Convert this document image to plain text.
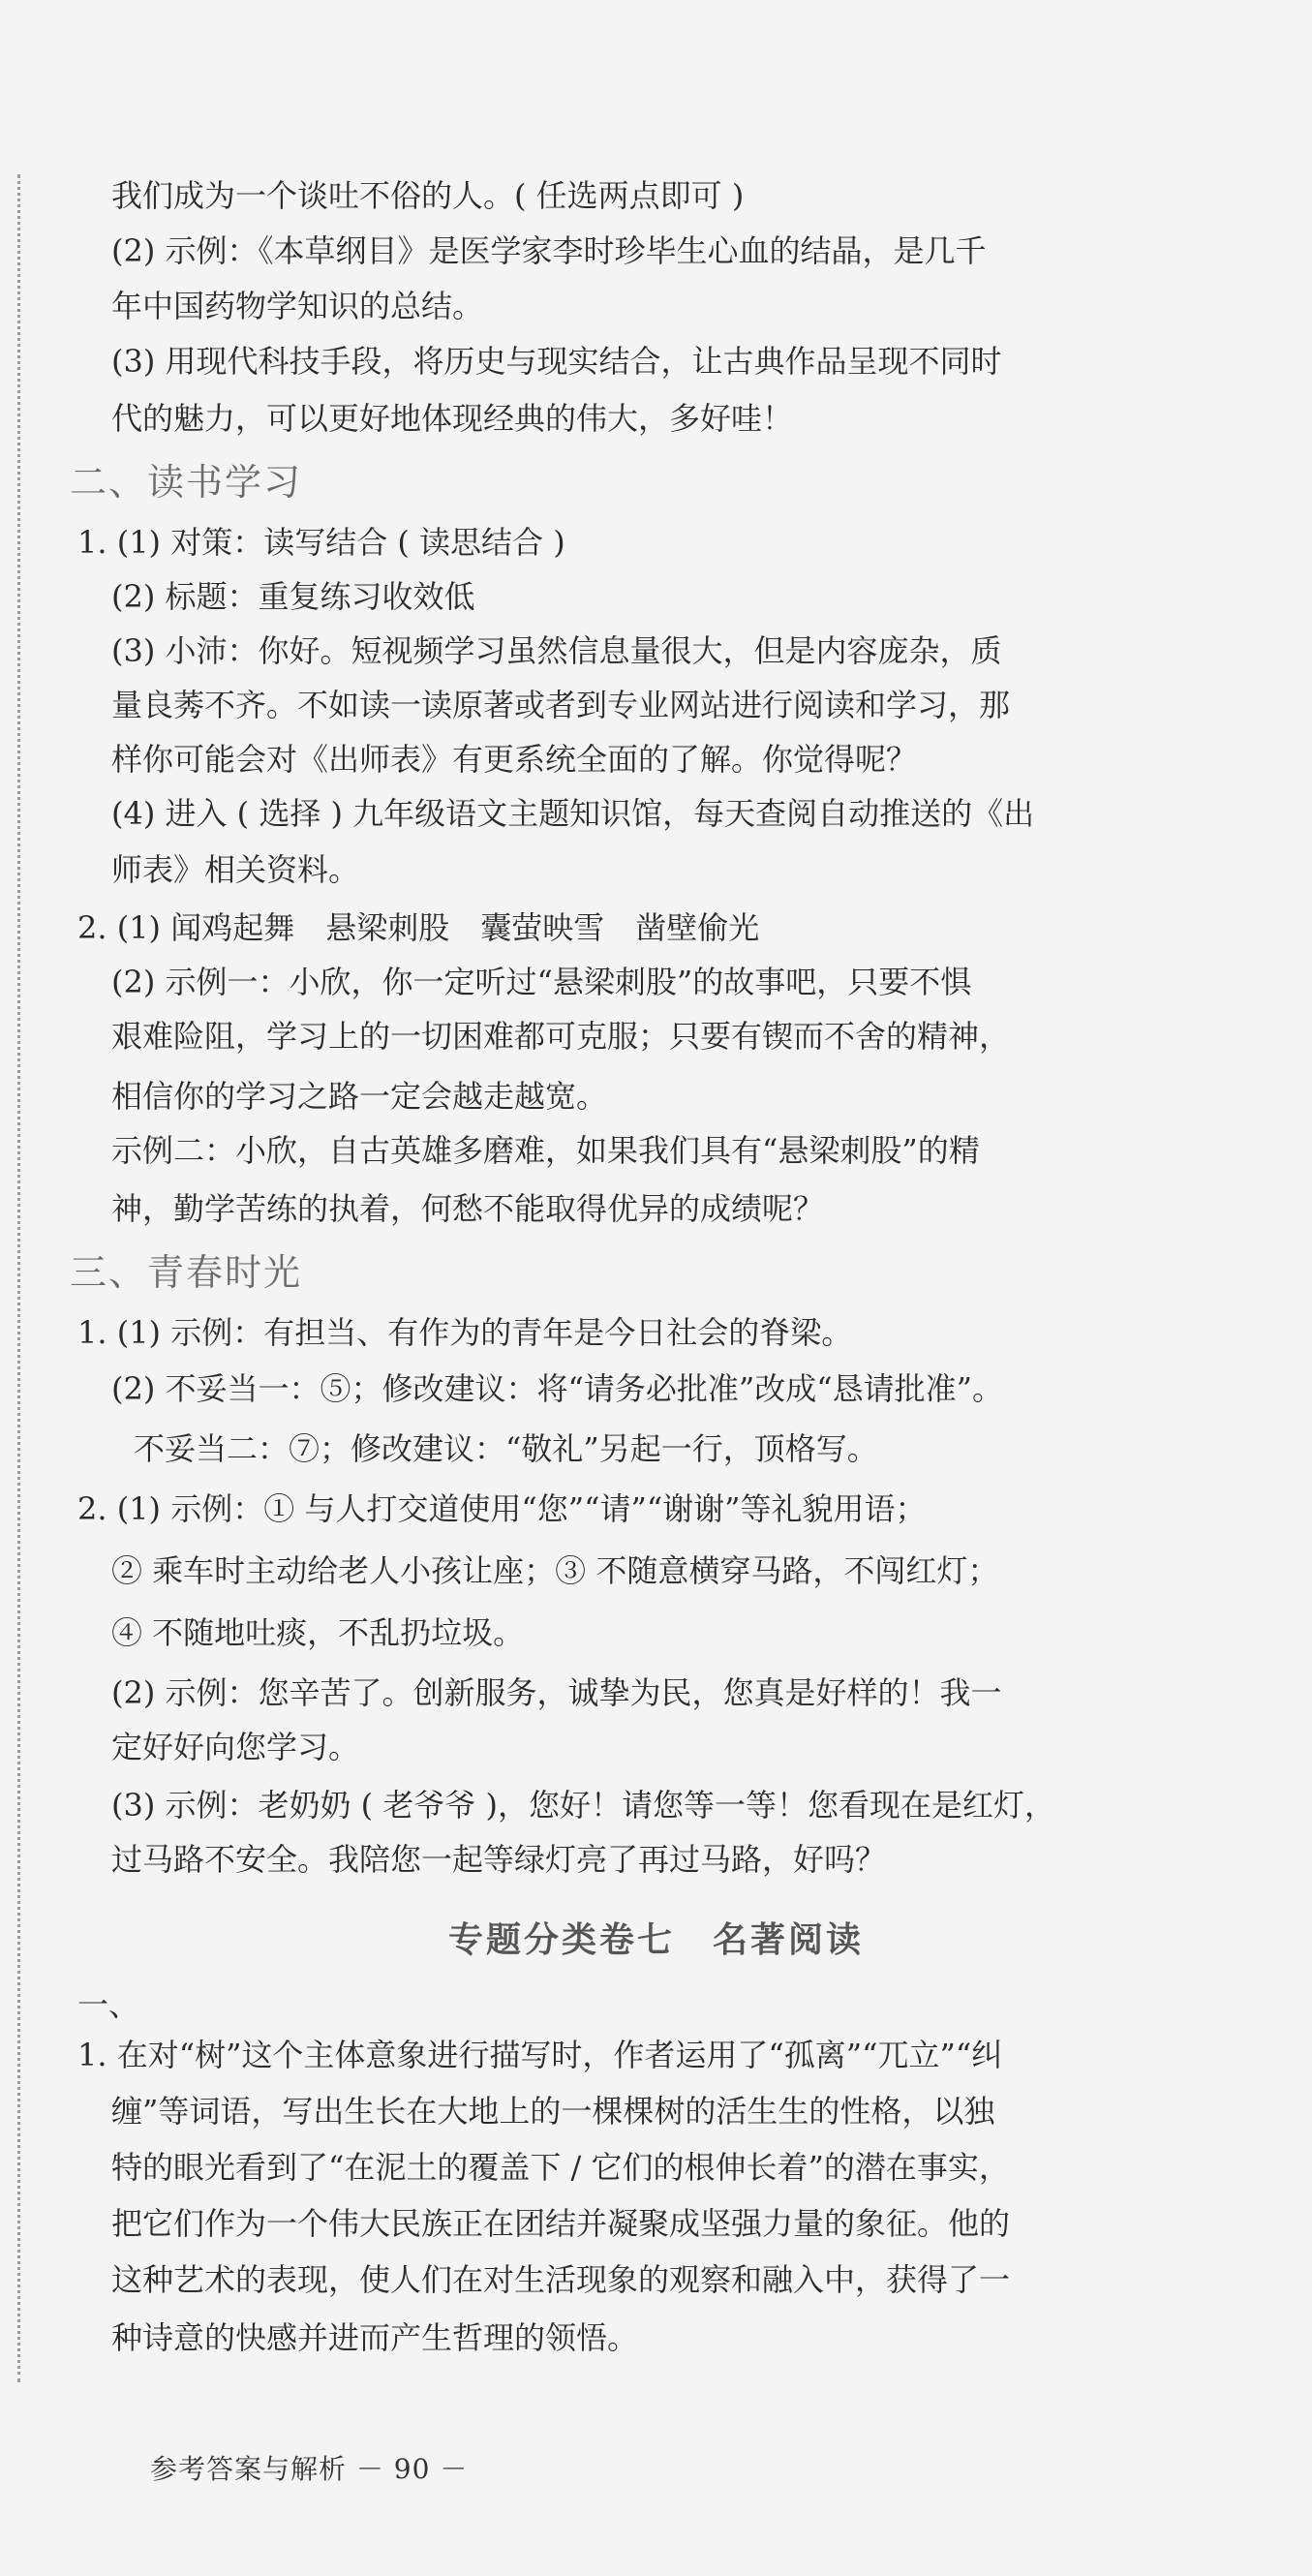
我们成为一个谈吐不俗的人。( 任选两点即可 )
(2) 示例：《本草纲目》是医学家李时珍毕生心血的结晶，是几千
年中国药物学知识的总结。
(3) 用现代科技手段，将历史与现实结合，让古典作品呈现不同时
代的魅力，可以更好地体现经典的伟大，多好哇！
二、读书学习
1. (1) 对策：读写结合 ( 读思结合 )
(2) 标题：重复练习收效低
(3) 小沛：你好。短视频学习虽然信息量很大，但是内容庞杂，质
量良莠不齐。不如读一读原著或者到专业网站进行阅读和学习，那
样你可能会对《出师表》有更系统全面的了解。你觉得呢？
(4) 进入 ( 选择 ) 九年级语文主题知识馆，每天查阅自动推送的《出
师表》相关资料。
2. (1) 闻鸡起舞　悬梁刺股　囊萤映雪　凿壁偷光
(2) 示例一：小欣，你一定听过“悬梁刺股”的故事吧，只要不惧
艰难险阻，学习上的一切困难都可克服；只要有锲而不舍的精神，
相信你的学习之路一定会越走越宽。
示例二：小欣，自古英雄多磨难，如果我们具有“悬梁刺股”的精
神，勤学苦练的执着，何愁不能取得优异的成绩呢？
三、青春时光
1. (1) 示例：有担当、有作为的青年是今日社会的脊梁。
(2) 不妥当一：⑤；修改建议：将“请务必批准”改成“恳请批准”。
不妥当二：⑦；修改建议：“敬礼”另起一行，顶格写。
2. (1) 示例：① 与人打交道使用“您”“请”“谢谢”等礼貌用语；
② 乘车时主动给老人小孩让座；③ 不随意横穿马路，不闯红灯；
④ 不随地吐痰，不乱扔垃圾。
(2) 示例：您辛苦了。创新服务，诚挚为民，您真是好样的！我一
定好好向您学习。
(3) 示例：老奶奶 ( 老爷爷 )，您好！请您等一等！您看现在是红灯，
过马路不安全。我陪您一起等绿灯亮了再过马路，好吗？
专题分类卷七　名著阅读
一、
1. 在对“树”这个主体意象进行描写时，作者运用了“孤离”“兀立”“纠
缠”等词语，写出生长在大地上的一棵棵树的活生生的性格，以独
特的眼光看到了“在泥土的覆盖下 / 它们的根伸长着”的潜在事实，
把它们作为一个伟大民族正在团结并凝聚成坚强力量的象征。他的
这种艺术的表现，使人们在对生活现象的观察和融入中，获得了一
种诗意的快感并进而产生哲理的领悟。
参考答案与解析 － 90 －
